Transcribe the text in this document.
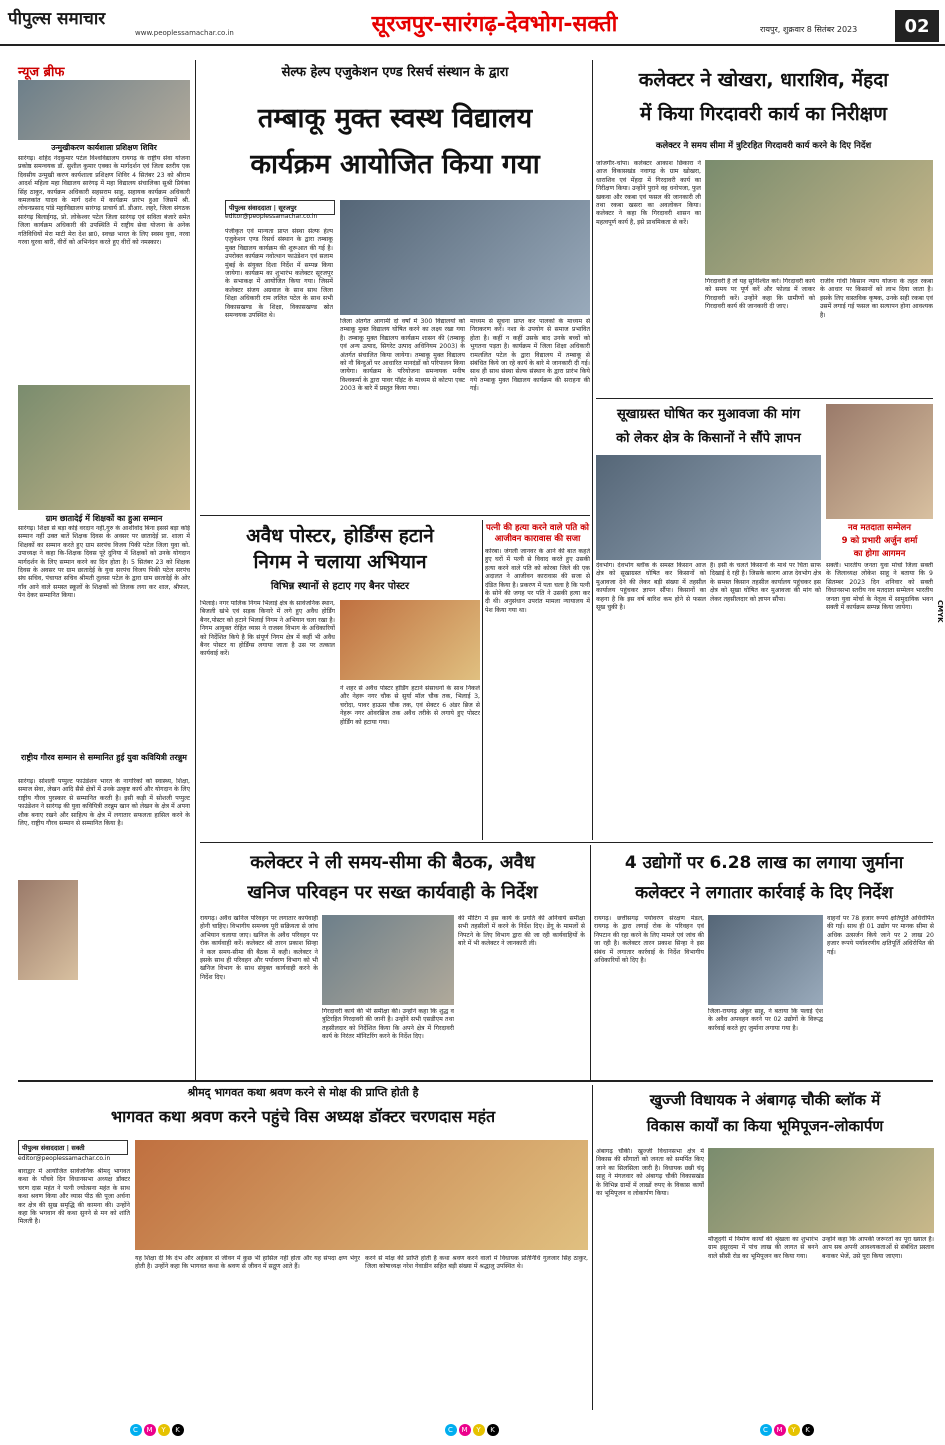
पीपुल्स समाचार
www.peoplessamachar.co.in	सूरजपुर-सारंगढ़-देवभोग-सक्ती	रायपुर, शुक्रवार 8 सितंबर 2023	02
न्यूज ब्रीफ
उन्मुखीकरण कार्यशाला प्रशिक्षण शिविर
सारंगढ़। शहिद नंदकुमार पटेल विश्वविद्यालय रायगढ़ के राष्ट्रीय सेवा योजना प्रकोष्ठ समन्वयक डॉ. सुशील कुमार एक्का के मार्गदर्शन एवं जिला स्तरीय एक दिवसीय उन्मुखी करण कार्यशाला प्रशिक्षण शिविर 4 सितंबर 23 को श्रीराम आदर्श महिला महा विद्यालय सारंगढ़ में महा विद्यालय संचालिका सुश्री प्रियंका सिंह ठाकुर, कार्यक्रम अधिकारी सहसराम साहू, सहायक कार्यक्रम अधिकारी कमलकांत यादव के मार्ग दर्शन में कार्यक्रम प्रारंभ हुआ जिसमें श्री. लोचनप्रसाद पांडे महाविद्यालय सारंगढ़ प्राचार्य डॉ. डीआर. लहरे, जिला संगठक सारंगढ़ बिलाईगढ़, प्रो. लोकेश्वर पटेल जिला सारंगढ़ एवं सविता बंजारे समेत जिला कार्यक्रम अधिकारी की उपस्थिति में राष्ट्रीय सेवा योजना के अनेक गतिविधियों मेरा माटी मेरा देश ब्रा0, स्वच्छ भारत के लिए स्वस्थ युवा, नरवा गरवा घुरवा बारी, वीरों को अभिनंदन करते हुए वीरों को नमस्कार।
ग्राम छातादेई में शिक्षकों का हुआ सम्मान
सारंगढ़। शिक्षा से बड़ा कोई वरदान नहीं,गुरु के आशीर्वाद बिना इससे बड़ा कोई सम्मान नहीं उक्त बातें शिक्षक दिवस के अवसर पर छातादेई प्रा. शाला में शिक्षकों का सम्मान करते हुए ग्राम सरपंच विजय पिकी पटेल जिला युवा को. उपाध्यक्ष ने कहा कि-शिक्षक दिवस पूरे दुनिया में शिक्षकों को उनके योगदान मार्गदर्शन के लिए सम्मान करने का दिन होता है। 5 सितंबर 23 को शिक्षक दिवस के अवसर पर ग्राम छातादेई के युवा सरपंच विजय पिकी पटेल सरपंच संघ सचिव, पंचायत सचिव श्रीमती तुलसा पटेल के द्वारा ग्राम छातादेई के ओर गाँव आने वाले समस्त स्कूलों के शिक्षकों को तिलक लगा कर शाल, श्रीफल, पेन देकर सम्मानित किया।
राष्ट्रीय गौरव सम्मान से सम्मानित हुई युवा कवियित्री तरन्नुम
सारंगढ़। सोशली पप्पुल्ट फाउंडेशन भारत के नागरिकों को स्वास्थ्य, शिक्षा, समाज सेवा, लेखन आदि सैसे क्षेत्रों में उनके उत्कृष्ट कार्य और योगदान के लिए राष्ट्रीय गौरव पुरस्कार से सम्मानित करती है। इसी कड़ी में सोशली पप्पुल्ट फाउंडेशन ने सारंगढ़ की युवा कवियित्री तरन्नुम खान को लेखन के क्षेत्र में अपना शौक बनाए रखने और साहित्य के क्षेत्र में लगातार सफलता हासिल करने के लिए, राष्ट्रीय गौरव सम्मान से सम्मानित किया है।
सेल्फ हेल्प एजुकेशन एण्ड रिसर्च संस्थान के द्वारा
तम्बाकू मुक्त स्वस्थ विद्यालय
कार्यक्रम आयोजित किया गया
पीपुल्स संवाददाता | सूरजपुर
editor@peoplessamachar.co.in
पंजीकृत एवं मान्यता प्राप्त संस्था सेल्फ हेल्प एजुकेशन एण्ड रिसर्च संस्थान के द्वारा तम्बाकू मुक्त विद्यालय कार्यक्रम की शुरूआत की गई है। उपरोक्त कार्यक्रम नवोत्थान फाउंडेशन एवं सलाम मुंबई के संयुक्त दिशा निर्देश में सम्पन्न किया जायेगा। कार्यक्रम का शुभारंभ कलेक्टर सूरजपुर के सभाकक्ष में आयोजित किया गया। जिसमें कलेक्टर संजय अग्रवाल के साथ साथ जिला शिक्षा अधिकारी राम ललित पटेल के साथ सभी विकासखण्ड के शिक्षा, विकासखण्ड स्रोत समन्वयक उपस्थित थे।
जिला अंतर्गत आगामी दो वर्षों में 300 विद्यालयों को तम्बाकू मुक्त विद्यालय घोषित करने का लक्ष्य रखा गया है। तम्बाकू मुक्त विद्यालय कार्यक्रम शासन की (तम्बाकू एवं अन्य उत्पाद, सिगरेट उत्पाद अधिनियम 2003) के अंतर्गत संचालित किया जायेगा। तम्बाकू मुक्त विद्यालय को नौ बिन्दुओं पर आधारित मानदंडों को परिपालन किया जायेगा। कार्यक्रम के परियोजना समन्वयक मनीष विश्वकर्मा के द्वारा पावर पॉइंट के माध्यम से कोटपा एक्ट 2003 के बारे में प्रस्तुत किया गया।
माध्यम से सूचना प्राप्त कर पालकों के माध्यम से निराकरण करें। नशा के उपयोग से समाज प्रभावित होता है। कहीं न कहीं उसके बाद उनके बच्चों को भुगतना पड़ता है। कार्यक्रम में जिला शिक्षा अधिकारी रामललित पटेल के द्वारा विद्यालय में तम्बाकू से संबंधित किये जा रहे कार्य के बारे मे जानकारी दी गई। साथ ही साथ संस्था सेल्फ संस्थान के द्वारा प्रारंभ किये गये तम्बाकू मुक्त विद्यालय कार्यक्रम की सराहना की गई।
अवैध पोस्टर, होर्डिंग्स हटाने
निगम ने चलाया अभियान
विभिन्न स्थानों से हटाए गए बैनर पोस्टर
भिलाई। नगर पालिक निगम भिलाई क्षेत्र के सार्वजनिक स्थान, बिजली खंभे एवं सड़क किनारे में लगे हुए अवैध होर्डिंग बैनर,पोस्टर को हटाने भिलाई निगम ने अभियान चला रखा है। निगम आयुक्त रोहित व्यास ने राजस्व विभाग के अधिकारियों को निर्देशित किये है कि संपूर्ण निगम क्षेत्र में कहीं भी अवैध बैनर पोस्टर या होर्डिंग्स लगाया जाता है उस पर तत्काल कार्यवाई करें।
ने शहर से अवैध पोस्टर होर्डिंग हटाने संसाधनों के साथ निकले और नेहरू नगर चौक से सुर्या मॉल चौक तक, भिलाई 3, चरोदा, पावर हाऊस चौक तक, एवं सेक्टर 6 अंडर ब्रिज से नेहरू नगर ओवरब्रिज तक अवैध तरीके से लगाये हुए पोस्टर होर्डिंग को हटाया गया।
पत्नी की हत्या करने वाले पति को आजीवन कारावास की सजा
कोरबा। जंगली जानवर के आने की बात कहते हुए घरों में पत्नी से विवाद करते हुए उसकी हत्या करने वाले पति को कोरबा जिले की एक अदालत ने आजीवन कारावास की सजा से दंडित किया है। प्रकरण में पता चला है कि पत्नी के सोने की जगह पर पति ने उसकी हत्या कर दी थी। अनुसंधान उपरांत मामला न्यायालय में पेश किया गया था।
कलेक्टर ने खोखरा, धाराशिव, मेंहदा
में किया गिरदावरी कार्य का निरीक्षण
कलेक्टर ने समय सीमा में त्रुटिरहित गिरदावरी कार्य करने के दिए निर्देश
जांजगीर-चांपा। कलेक्टर आकाश छिकारा ने आज विकासखंड नवागढ़ के ग्राम खोखरा, धाराशिव एवं मेंहदा में गिरदावरी कार्य का निरीक्षण किया। उन्होंने पुराने वह धनोपजा, फुल खकवा और रकबा एवं फसल की जानकारी ली तथा रकबा खसरा का अवलोकन किया। कलेक्टर ने कहा कि गिरदावरी शासन का महत्वपूर्ण कार्य है, इसे प्राथमिकता से करें।
गिरदावरी है तो यह सुनिश्चित करें। गिरदावरी कार्य को समय पर पूर्ण करें और फोलड में जाकर गिरदावरी करें। उन्होंने कहा कि ग्रामीणों को गिरदावरी कार्य की जानकारी दी जाए।
राजीव गांधी किसान न्याय योजना के तहत रकबा के आधार पर किसानों को लाभ दिया जाता है। इसके लिए वास्तविक कृषक, उनके सही रकबा एवं उसमें लगाई गई फसल का सत्यापन होना आवश्यक है।
सूखाग्रस्त घोषित कर मुआवजा की मांग
को लेकर क्षेत्र के किसानों ने सौंपे ज्ञापन
देवभोग। देवभोग ब्लॉक के समस्त किसान आज क्षेत्र को सूखाग्रस्त घोषित कर किसानों को मुआवजा देने की लेकर बड़ी संख्या में तहसील कार्यालय पहुंचकर ज्ञापन सौंपा। किसानों का कहना है कि इस वर्ष बारिश कम होने से फसल सूख चुकी है।
है। इसी के चलते किसानों के माथे पर चिंता साफ दिखाई दे रही है। जिसके कारण आज देवभोग क्षेत्र के समस्त किसान तहसील कार्यालय पहुंचकर इस क्षेत्र को सूखा घोषित कर मुआवजा की मांग को लेकर तहसीलदार को ज्ञापन सौंपा।
नव मतदाता सम्मेलन
9 को प्रभारी अर्जुन शर्मा
का होगा आगमन
सक्ती। भारतीय जनता युवा मोर्चा जिला सक्ती के जिलाध्यक्ष लोकेश साहू ने बताया कि 9 सितम्बर 2023 दिन शनिवार को सक्ती विधानसभा स्तरीय नव मतदाता सम्मेलन भारतीय जनता युवा मोर्चा के नेतृत्व में सामुदायिक भवन सक्ती में कार्यक्रम सम्पन्न किया जायेगा।	CMYK
कलेक्टर ने ली समय-सीमा की बैठक, अवैध
खनिज परिवहन पर सख्त कार्यवाही के निर्देश
रायगढ़। अवैध खनिज परिवहन पर लगातार कार्यवाही होनी चाहिए। विभागीय समन्वय पूरी सक्रियता से जांच अभियान चलाया जाए। खनिज के अवैध परिवहन पर रोक कार्यवाही करें। कलेक्टर श्री तारन प्रकाश सिन्हा ने कल समय-सीमा की बैठक में कही। कलेक्टर ने इसके साथ ही परिवहन और पर्यावरण विभाग को भी खनिज विभाग के साथ संयुक्त कार्यवाही करने के निर्देश दिए।
गिरदावरी कार्य की भी समीक्षा की। उन्होंने कहा कि शुद्ध व त्रुटिरहित गिरदावरी की जानी है। उन्होंने सभी एसडीएम तथा तहसीलदार को निर्देशित किया कि अपने क्षेत्र में गिरदावरी कार्य के निरंतर मॉनिटरिंग करने के निर्देश दिए।
की मीटिंग में इस कार्य के प्रगति की अनिवार्य समीक्षा सभी तहसीलों में करने के निर्देश दिए। डेंगू के मामलों से निपटने के लिए विभाग द्वारा की जा रही कार्यवाहियों के बारे में भी कलेक्टर ने जानकारी ली।
4 उद्योगों पर 6.28 लाख का लगाया जुर्माना
कलेक्टर ने लगातार कार्रवाई के दिए निर्देश
रायगढ़। छत्तीसगढ़ पर्यावरण संरक्षण मंडल, रायगढ़ के द्वारा लगाई रोक के परिवहन एवं निपटान की रहा करने के लिए मामले एवं जांच की जा रही है। कलेक्टर तारन प्रकाश सिन्हा ने इस संबंध में लगातार कार्रवाई के निर्देश विभागीय अधिकारियों को दिए है।
जिला-रायगढ़ अंकुर साहू, ने बताया कि फ्लाई ऐश के अवैध अपवहन करने पर 02 उद्योगों के विरूद्ध कार्रवाई करते हुए जुर्माना लगाया गया है।
वाहनों पर 78 हजार रूपये क्षतिपूर्ति अधिरोपित की गई। साथ ही 01 उद्योग पर मानक सीमा से अधिक उत्सर्जन किये जाने पर 2 लाख 20 हजार रूपये पर्यावरणीय क्षतिपूर्ति अधिरोपित की गई।
श्रीमद् भागवत कथा श्रवण करने से मोक्ष की प्राप्ति होती है
भागवत कथा श्रवण करने पहुंचे विस अध्यक्ष डॉक्टर चरणदास महंत
पीपुल्स संवाददाता | सक्ती
editor@peoplessamachar.co.in
बाराद्वार में आयोजित सार्वजनिक श्रीमद् भागवत कथा के पाँचवे दिन विधानसभा अध्यक्ष डॉक्टर चरण दास महंत ने पत्नी ज्योत्सना महंत के साथ कथा श्रवण किया और व्यास पीठ की पूजा अर्चना कर क्षेत्र की सुख समृद्धि की कामना की। उन्होंने कहा कि भगवान की कथा सुनने से मन को शांति मिलती है।
यह शिक्षा दी कि दंभ और अहंकार से जीवन में कुछ भी हासिल नहीं होता और यह संपदा क्षण भंगुर होती है। उन्होंने कहा कि भागवत कथा के श्रवण से जीवन में सद्गुण आते हैं।
करने से मोक्ष की प्राप्ति होती है कथा श्रवण करने वालों में विधायक प्रतिनिधि गुलजार सिंह ठाकुर, जिला कोषाध्यक्ष नरेश गेवाडीन सहित बड़ी संख्या में श्रद्धालु उपस्थित थे।
खुज्जी विधायक ने अंबागढ़ चौकी ब्लॉक में
विकास कार्यों का किया भूमिपूजन-लोकार्पण
अंबागढ़ चौकी। खुज्जी विधानसभा क्षेत्र में विकास की सौगातों को जनता को समर्पित किए जाने का सिलसिला जारी है। विधायक छन्नी चंदू साहू ने मंगलवार को अंबागढ़ चौकी विकासखंड के विभिन्न ग्रामों में लाखों रुपए के विकास कार्यों का भूमिपूजन व लोकार्पण किया।
मौजूदगी में निर्माण कार्यों की श्रृंखला का शुभारंभ ग्राम इसुरदमा में पांच लाख की लागत से बनने वाले सीसी रोड का भूमिपूजन कर किया गया।
उन्होंने कहा कि आपकी जरूरतों का पूरा ख्याल है। आप सब अपनी आवश्यकताओं से संबंधित प्रस्ताव बनाकर भेजें, उसे पूरा किया जाएगा।
C M Y K	C M Y K	C M Y K
